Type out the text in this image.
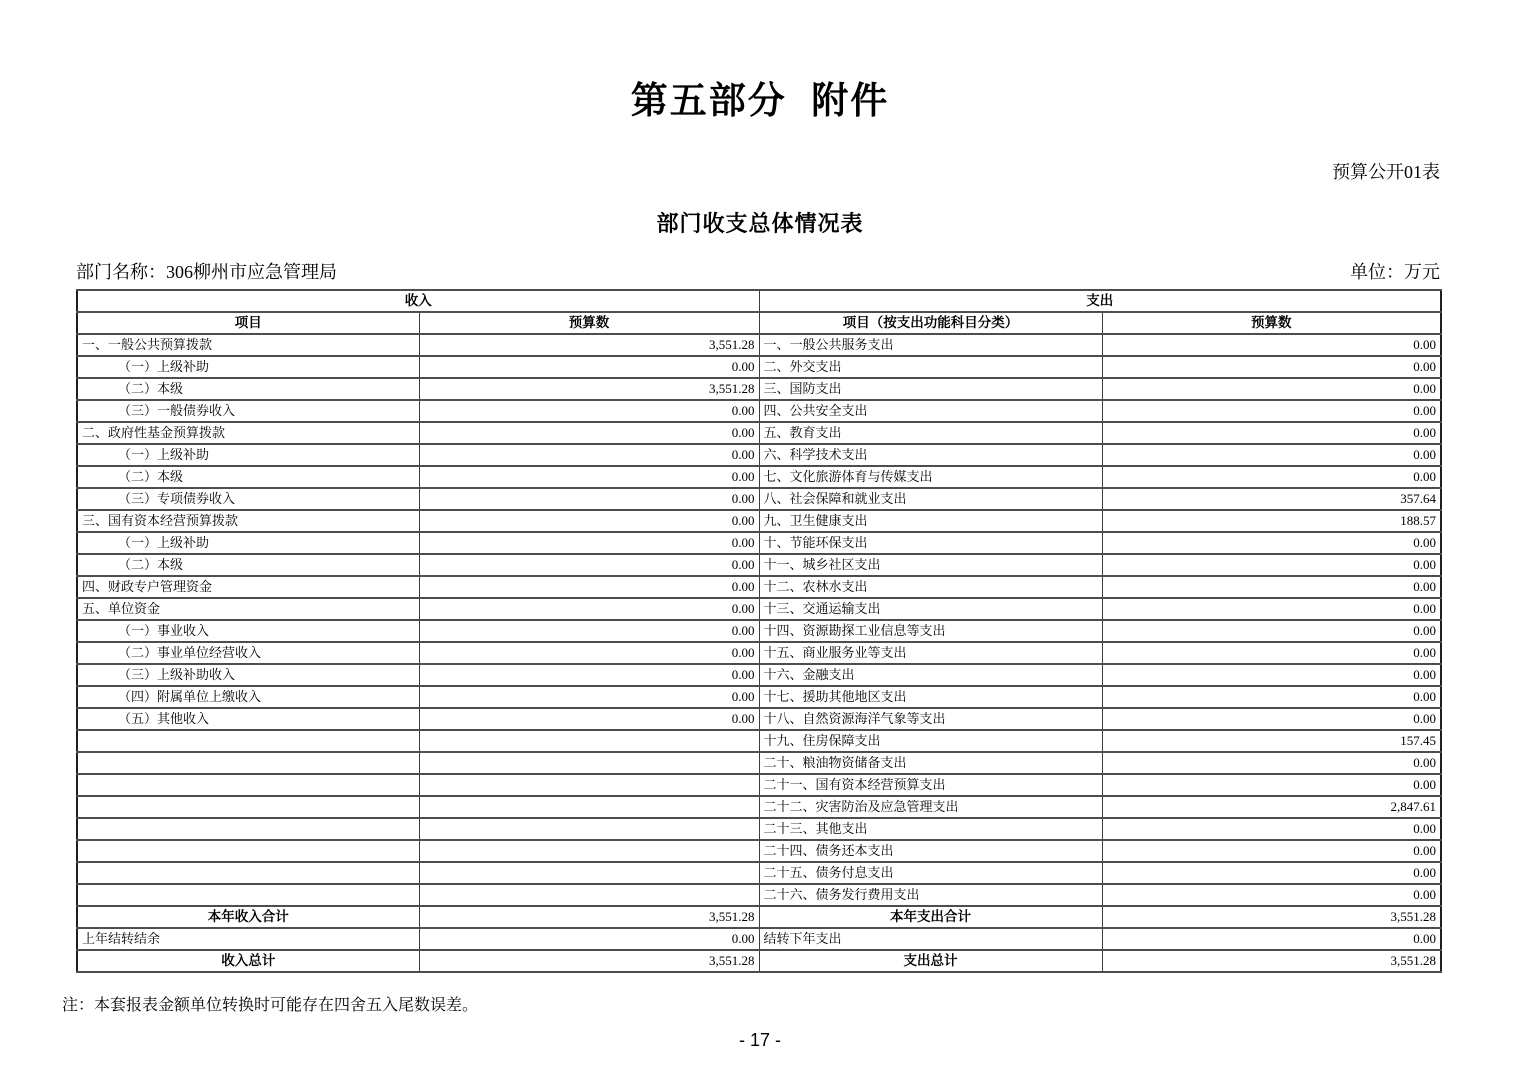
第五部分  附件
预算公开01表
部门收支总体情况表
部门名称：306柳州市应急管理局	单位：万元
收入		支出	
项目	预算数	项目（按支出功能科目分类）	预算数
一、一般公共预算拨款	3,551.28	一、一般公共服务支出	0.00
（一）上级补助	0.00	二、外交支出	0.00
（二）本级	3,551.28	三、国防支出	0.00
（三）一般债券收入	0.00	四、公共安全支出	0.00
二、政府性基金预算拨款	0.00	五、教育支出	0.00
（一）上级补助	0.00	六、科学技术支出	0.00
（二）本级	0.00	七、文化旅游体育与传媒支出	0.00
（三）专项债券收入	0.00	八、社会保障和就业支出	357.64
三、国有资本经营预算拨款	0.00	九、卫生健康支出	188.57
（一）上级补助	0.00	十、节能环保支出	0.00
（二）本级	0.00	十一、城乡社区支出	0.00
四、财政专户管理资金	0.00	十二、农林水支出	0.00
五、单位资金	0.00	十三、交通运输支出	0.00
（一）事业收入	0.00	十四、资源勘探工业信息等支出	0.00
（二）事业单位经营收入	0.00	十五、商业服务业等支出	0.00
（三）上级补助收入	0.00	十六、金融支出	0.00
（四）附属单位上缴收入	0.00	十七、援助其他地区支出	0.00
（五）其他收入	0.00	十八、自然资源海洋气象等支出	0.00
		十九、住房保障支出	157.45
		二十、粮油物资储备支出	0.00
		二十一、国有资本经营预算支出	0.00
		二十二、灾害防治及应急管理支出	2,847.61
		二十三、其他支出	0.00
		二十四、债务还本支出	0.00
		二十五、债务付息支出	0.00
		二十六、债务发行费用支出	0.00
本年收入合计	3,551.28	本年支出合计	3,551.28
上年结转结余	0.00	结转下年支出	0.00
收入总计	3,551.28	支出总计	3,551.28
注：本套报表金额单位转换时可能存在四舍五入尾数误差。
- 17 -
